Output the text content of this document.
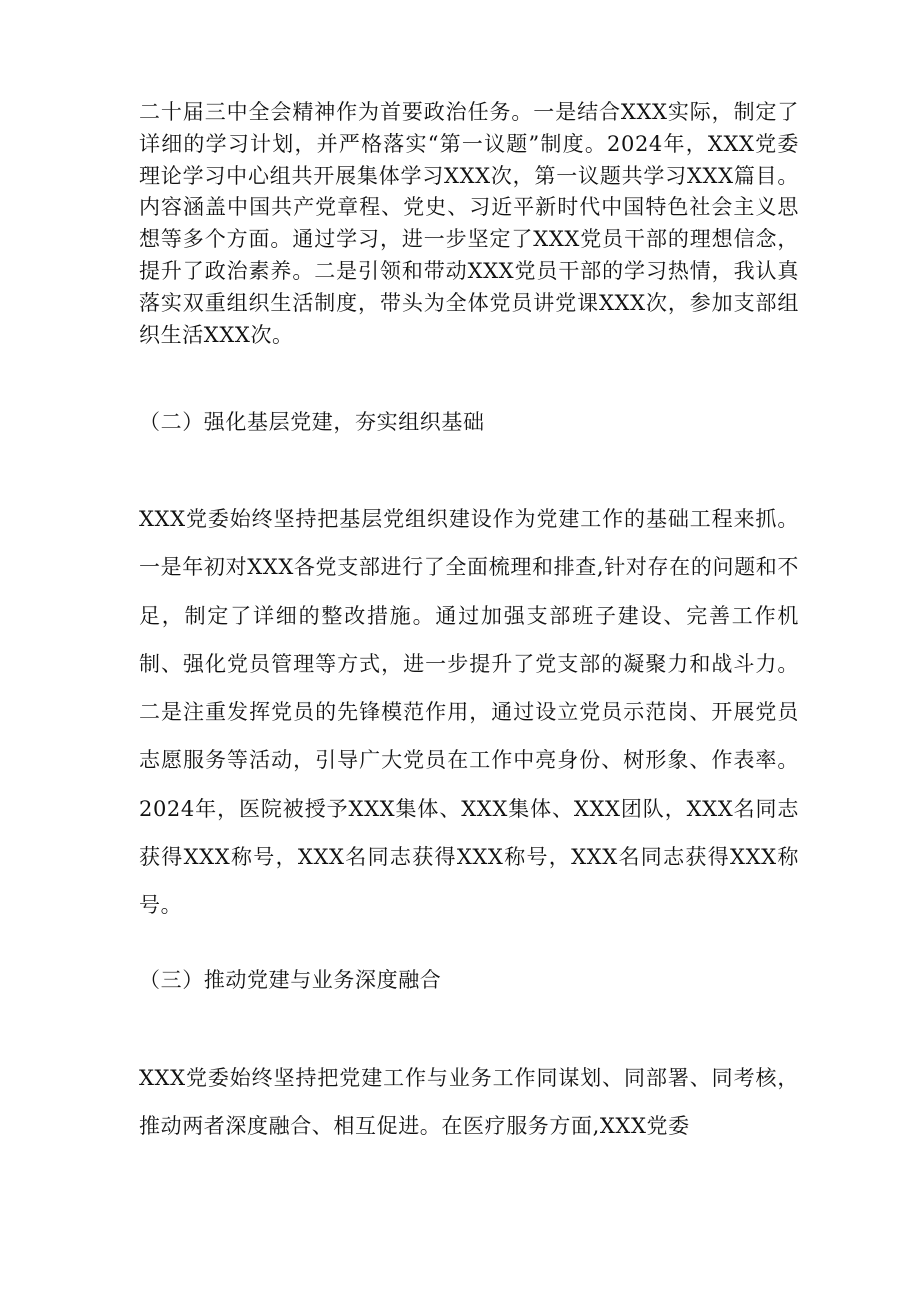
二十届三中全会精神作为首要政治任务。一是结合XXX实际，制定了详细的学习计划，并严格落实“第一议题”制度。2024年，XXX党委理论学习中心组共开展集体学习XXX次，第一议题共学习XXX篇目。内容涵盖中国共产党章程、党史、习近平新时代中国特色社会主义思想等多个方面。通过学习，进一步坚定了XXX党员干部的理想信念，提升了政治素养。二是引领和带动XXX党员干部的学习热情，我认真落实双重组织生活制度，带头为全体党员讲党课XXX次，参加支部组织生活XXX次。

（二）强化基层党建，夯实组织基础

XXX党委始终坚持把基层党组织建设作为党建工作的基础工程来抓。一是年初对XXX各党支部进行了全面梳理和排查,针对存在的问题和不足，制定了详细的整改措施。通过加强支部班子建设、完善工作机制、强化党员管理等方式，进一步提升了党支部的凝聚力和战斗力。二是注重发挥党员的先锋模范作用，通过设立党员示范岗、开展党员志愿服务等活动，引导广大党员在工作中亮身份、树形象、作表率。2024年，医院被授予XXX集体、XXX集体、XXX团队，XXX名同志获得XXX称号，XXX名同志获得XXX称号，XXX名同志获得XXX称号。

（三）推动党建与业务深度融合

XXX党委始终坚持把党建工作与业务工作同谋划、同部署、同考核，推动两者深度融合、相互促进。在医疗服务方面,XXX党委
